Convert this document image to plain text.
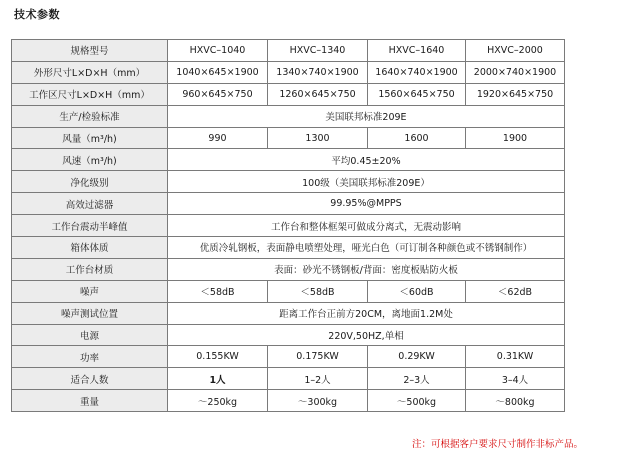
技术参数
规格型号	HXVC–1040	HXVC–1340	HXVC–1640	HXVC–2000
外形尺寸L×D×H（mm）	1040×645×1900	1340×740×1900	1640×740×1900	2000×740×1900
工作区尺寸L×D×H（mm）	960×645×750	1260×645×750	1560×645×750	1920×645×750
生产/检验标准	美国联邦标准209E			
风量（m³/h)	990	1300	1600	1900
风速（m³/h)	平均0.45±20%			
净化级别	100级（美国联邦标准209E）			
高效过滤器	99.95%@MPPS			
工作台震动半峰值	工作台和整体框架可做成分离式，无震动影响			
箱体体质	优质冷轧钢板，表面静电喷塑处理，哑光白色（可订制各种颜色或不锈钢制作）			
工作台材质	表面：砂光不锈钢板/背面：密度板贴防火板			
噪声	＜58dB	＜58dB	＜60dB	＜62dB
噪声测试位置	距离工作台正前方20CM，离地面1.2M处			
电源	220V,50HZ,单相			
功率	0.155KW	0.175KW	0.29KW	0.31KW
适合人数	1人	1–2人	2–3人	3–4人
重量	～250kg	～300kg	～500kg	～800kg
注：可根据客户要求尺寸制作非标产品。
